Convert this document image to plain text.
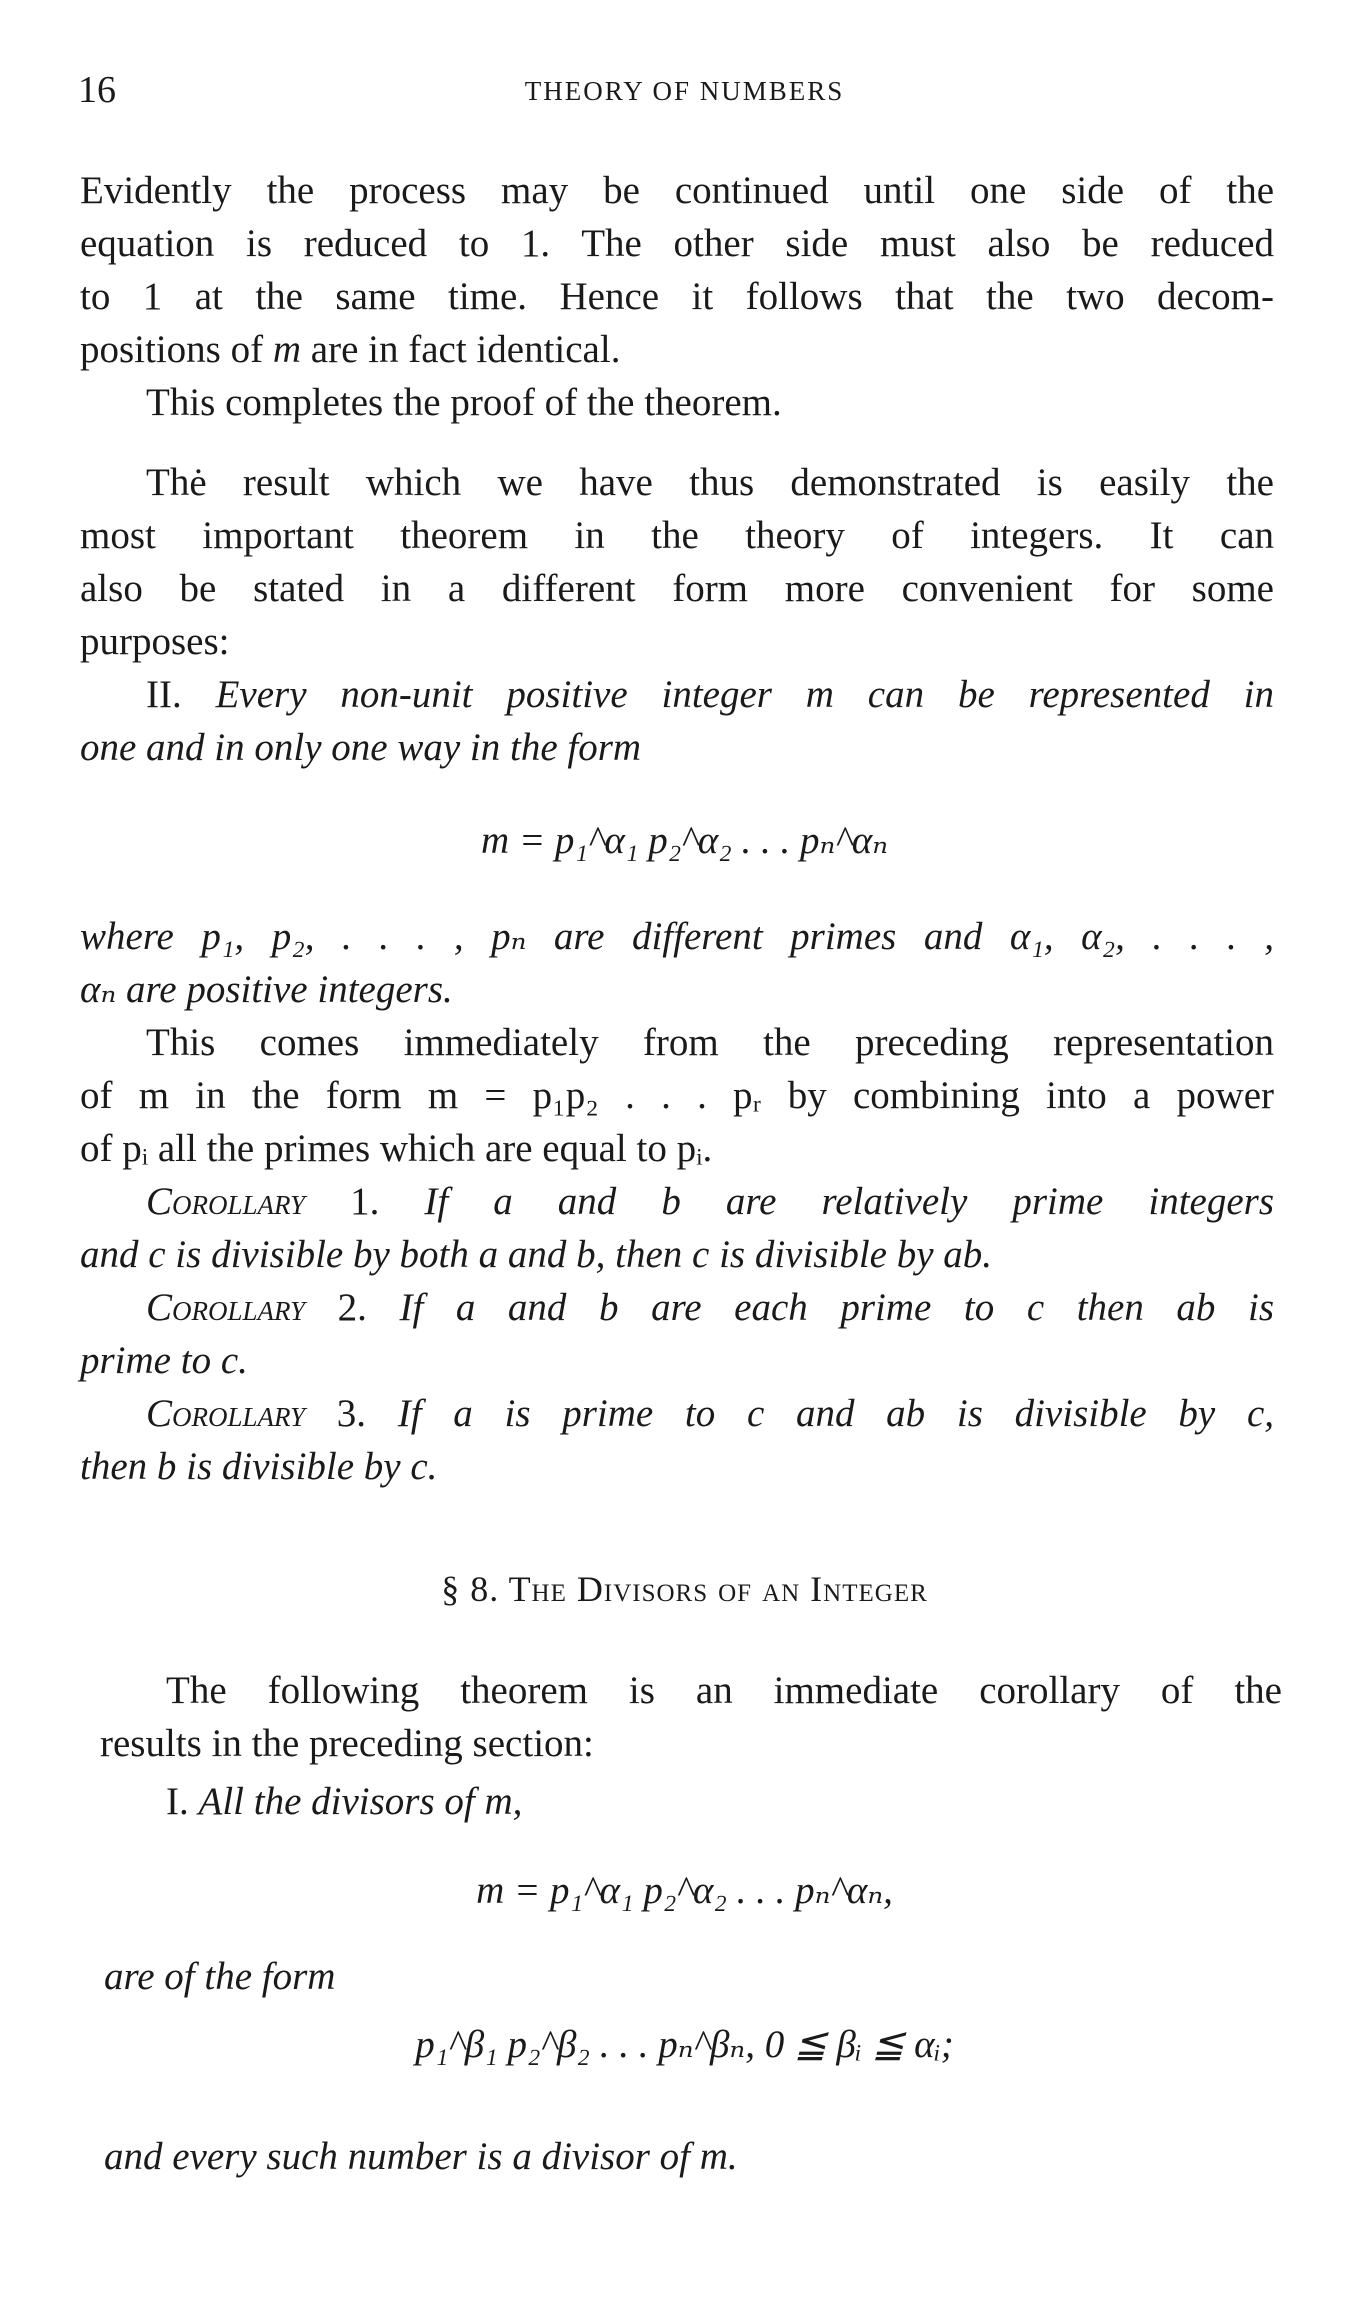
16	THEORY OF NUMBERS
Evidently the process may be continued until one side of the
equation is reduced to 1. The other side must also be reduced
to 1 at the same time. Hence it follows that the two decom-
positions of m are in fact identical.
This completes the proof of the theorem.
Thė result which we have thus demonstrated is easily the
most important theorem in the theory of integers. It can
also be stated in a different form more convenient for some
purposes:
II. Every non-unit positive integer m can be represented in
one and in only one way in the form
m = p₁^α₁ p₂^α₂ . . . pₙ^αₙ
where p₁, p₂, . . . , pₙ are different primes and α₁, α₂, . . . ,
αₙ are positive integers.
This comes immediately from the preceding representation
of m in the form m = p₁p₂ . . . pᵣ by combining into a power
of pᵢ all the primes which are equal to pᵢ.
Corollary 1. If a and b are relatively prime integers
and c is divisible by both a and b, then c is divisible by ab.
Corollary 2. If a and b are each prime to c then ab is
prime to c.
Corollary 3. If a is prime to c and ab is divisible by c,
then b is divisible by c.
§ 8. The Divisors of an Integer
The following theorem is an immediate corollary of the
results in the preceding section:
I. All the divisors of m,
m = p₁^α₁ p₂^α₂ . . . pₙ^αₙ,
are of the form
p₁^β₁ p₂^β₂ . . . pₙ^βₙ, 0 ≦ βᵢ ≦ αᵢ;
and every such number is a divisor of m.
